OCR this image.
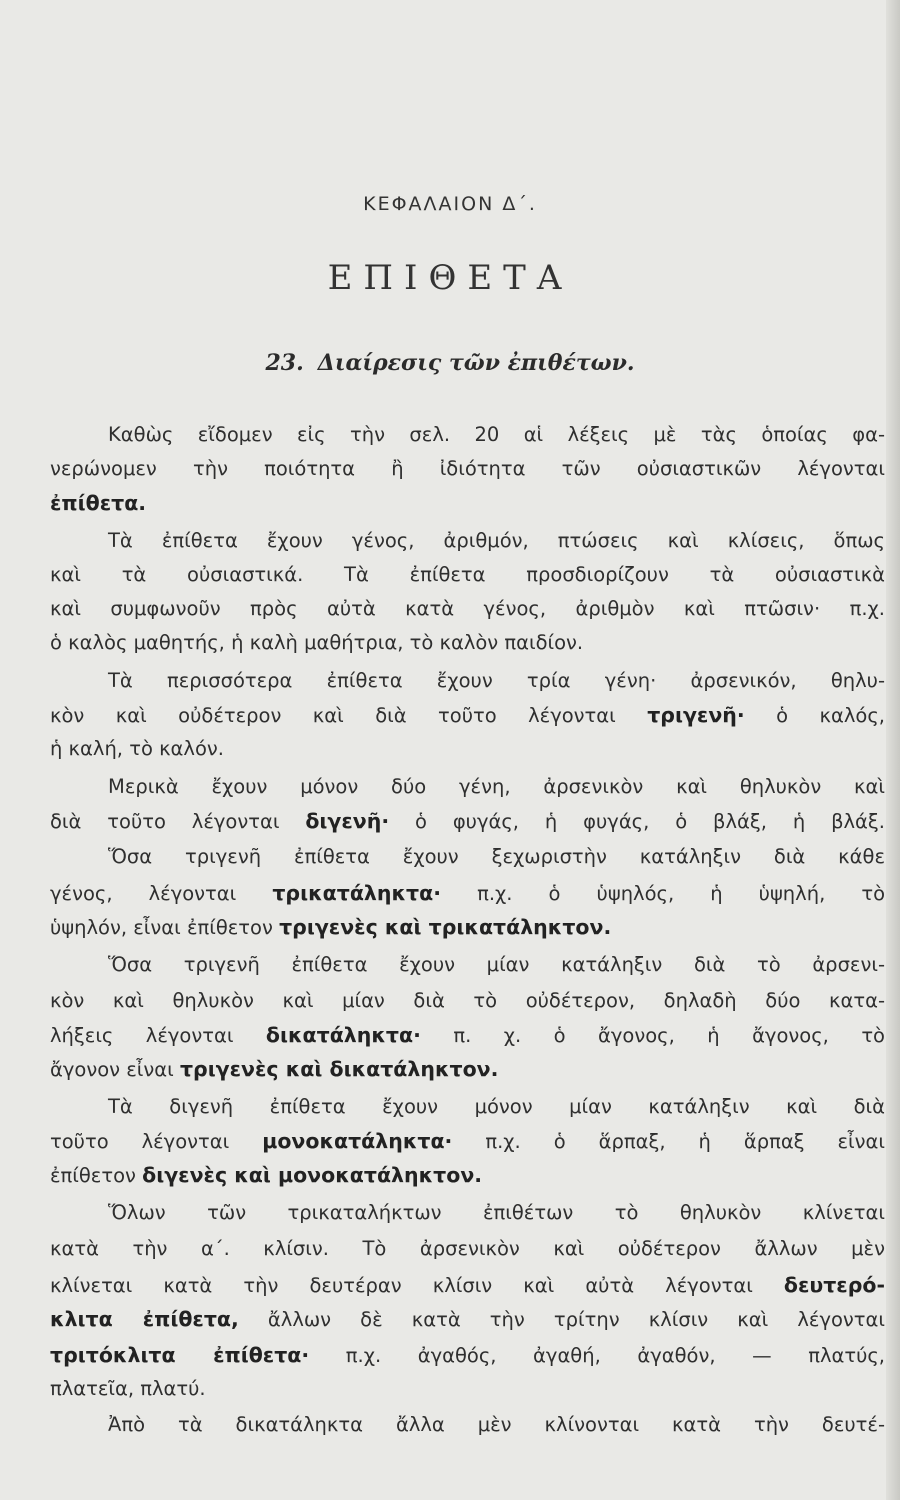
ΚΕΦΑΛΑΙΟΝ Δ΄.
ΕΠΙΘΕΤΑ
23. Διαίρεσις τῶν ἐπιθέτων.
Καθὼς εἴδομεν εἰς τὴν σελ. 20 αἱ λέξεις μὲ τὰς ὁποίας φα-
νερώνομεν τὴν ποιότητα ἢ ἰδιότητα τῶν οὐσιαστικῶν λέγονται
ἐπίθετα.
Τὰ ἐπίθετα ἔχουν γένος, ἀριθμόν, πτώσεις καὶ κλίσεις, ὅπως
καὶ τὰ οὐσιαστικά. Τὰ ἐπίθετα προσδιορίζουν τὰ οὐσιαστικὰ
καὶ συμφωνοῦν πρὸς αὐτὰ κατὰ γένος, ἀριθμὸν καὶ πτῶσιν· π.χ.
ὁ καλὸς μαθητής, ἡ καλὴ μαθήτρια, τὸ καλὸν παιδίον.
Τὰ περισσότερα ἐπίθετα ἔχουν τρία γένη· ἀρσενικόν, θηλυ-
κὸν καὶ οὐδέτερον καὶ διὰ τοῦτο λέγονται τριγενῆ· ὁ καλός,
ἡ καλή, τὸ καλόν.
Μερικὰ ἔχουν μόνον δύο γένη, ἀρσενικὸν καὶ θηλυκὸν καὶ
διὰ τοῦτο λέγονται διγενῆ· ὁ φυγάς, ἡ φυγάς, ὁ βλάξ, ἡ βλάξ.
Ὅσα τριγενῆ ἐπίθετα ἔχουν ξεχωριστὴν κατάληξιν διὰ κάθε
γένος, λέγονται τρικατάληκτα· π.χ. ὁ ὑψηλός, ἡ ὑψηλή, τὸ
ὑψηλόν, εἶναι ἐπίθετον τριγενὲς καὶ τρικατάληκτον.
Ὅσα τριγενῆ ἐπίθετα ἔχουν μίαν κατάληξιν διὰ τὸ ἀρσενι-
κὸν καὶ θηλυκὸν καὶ μίαν διὰ τὸ οὐδέτερον, δηλαδὴ δύο κατα-
λήξεις λέγονται δικατάληκτα· π. χ. ὁ ἄγονος, ἡ ἄγονος, τὸ
ἄγονον εἶναι τριγενὲς καὶ δικατάληκτον.
Τὰ διγενῆ ἐπίθετα ἔχουν μόνον μίαν κατάληξιν καὶ διὰ
τοῦτο λέγονται μονοκατάληκτα· π.χ. ὁ ἅρπαξ, ἡ ἅρπαξ εἶναι
ἐπίθετον διγενὲς καὶ μονοκατάληκτον.
Ὅλων τῶν τρικαταλήκτων ἐπιθέτων τὸ θηλυκὸν κλίνεται
κατὰ τὴν α΄. κλίσιν. Τὸ ἀρσενικὸν καὶ οὐδέτερον ἄλλων μὲν
κλίνεται κατὰ τὴν δευτέραν κλίσιν καὶ αὐτὰ λέγονται δευτερό-
κλιτα ἐπίθετα, ἄλλων δὲ κατὰ τὴν τρίτην κλίσιν καὶ λέγονται
τριτόκλιτα ἐπίθετα· π.χ. ἀγαθός, ἀγαθή, ἀγαθόν, — πλατύς,
πλατεῖα, πλατύ.
Ἀπὸ τὰ δικατάληκτα ἄλλα μὲν κλίνονται κατὰ τὴν δευτέ-
